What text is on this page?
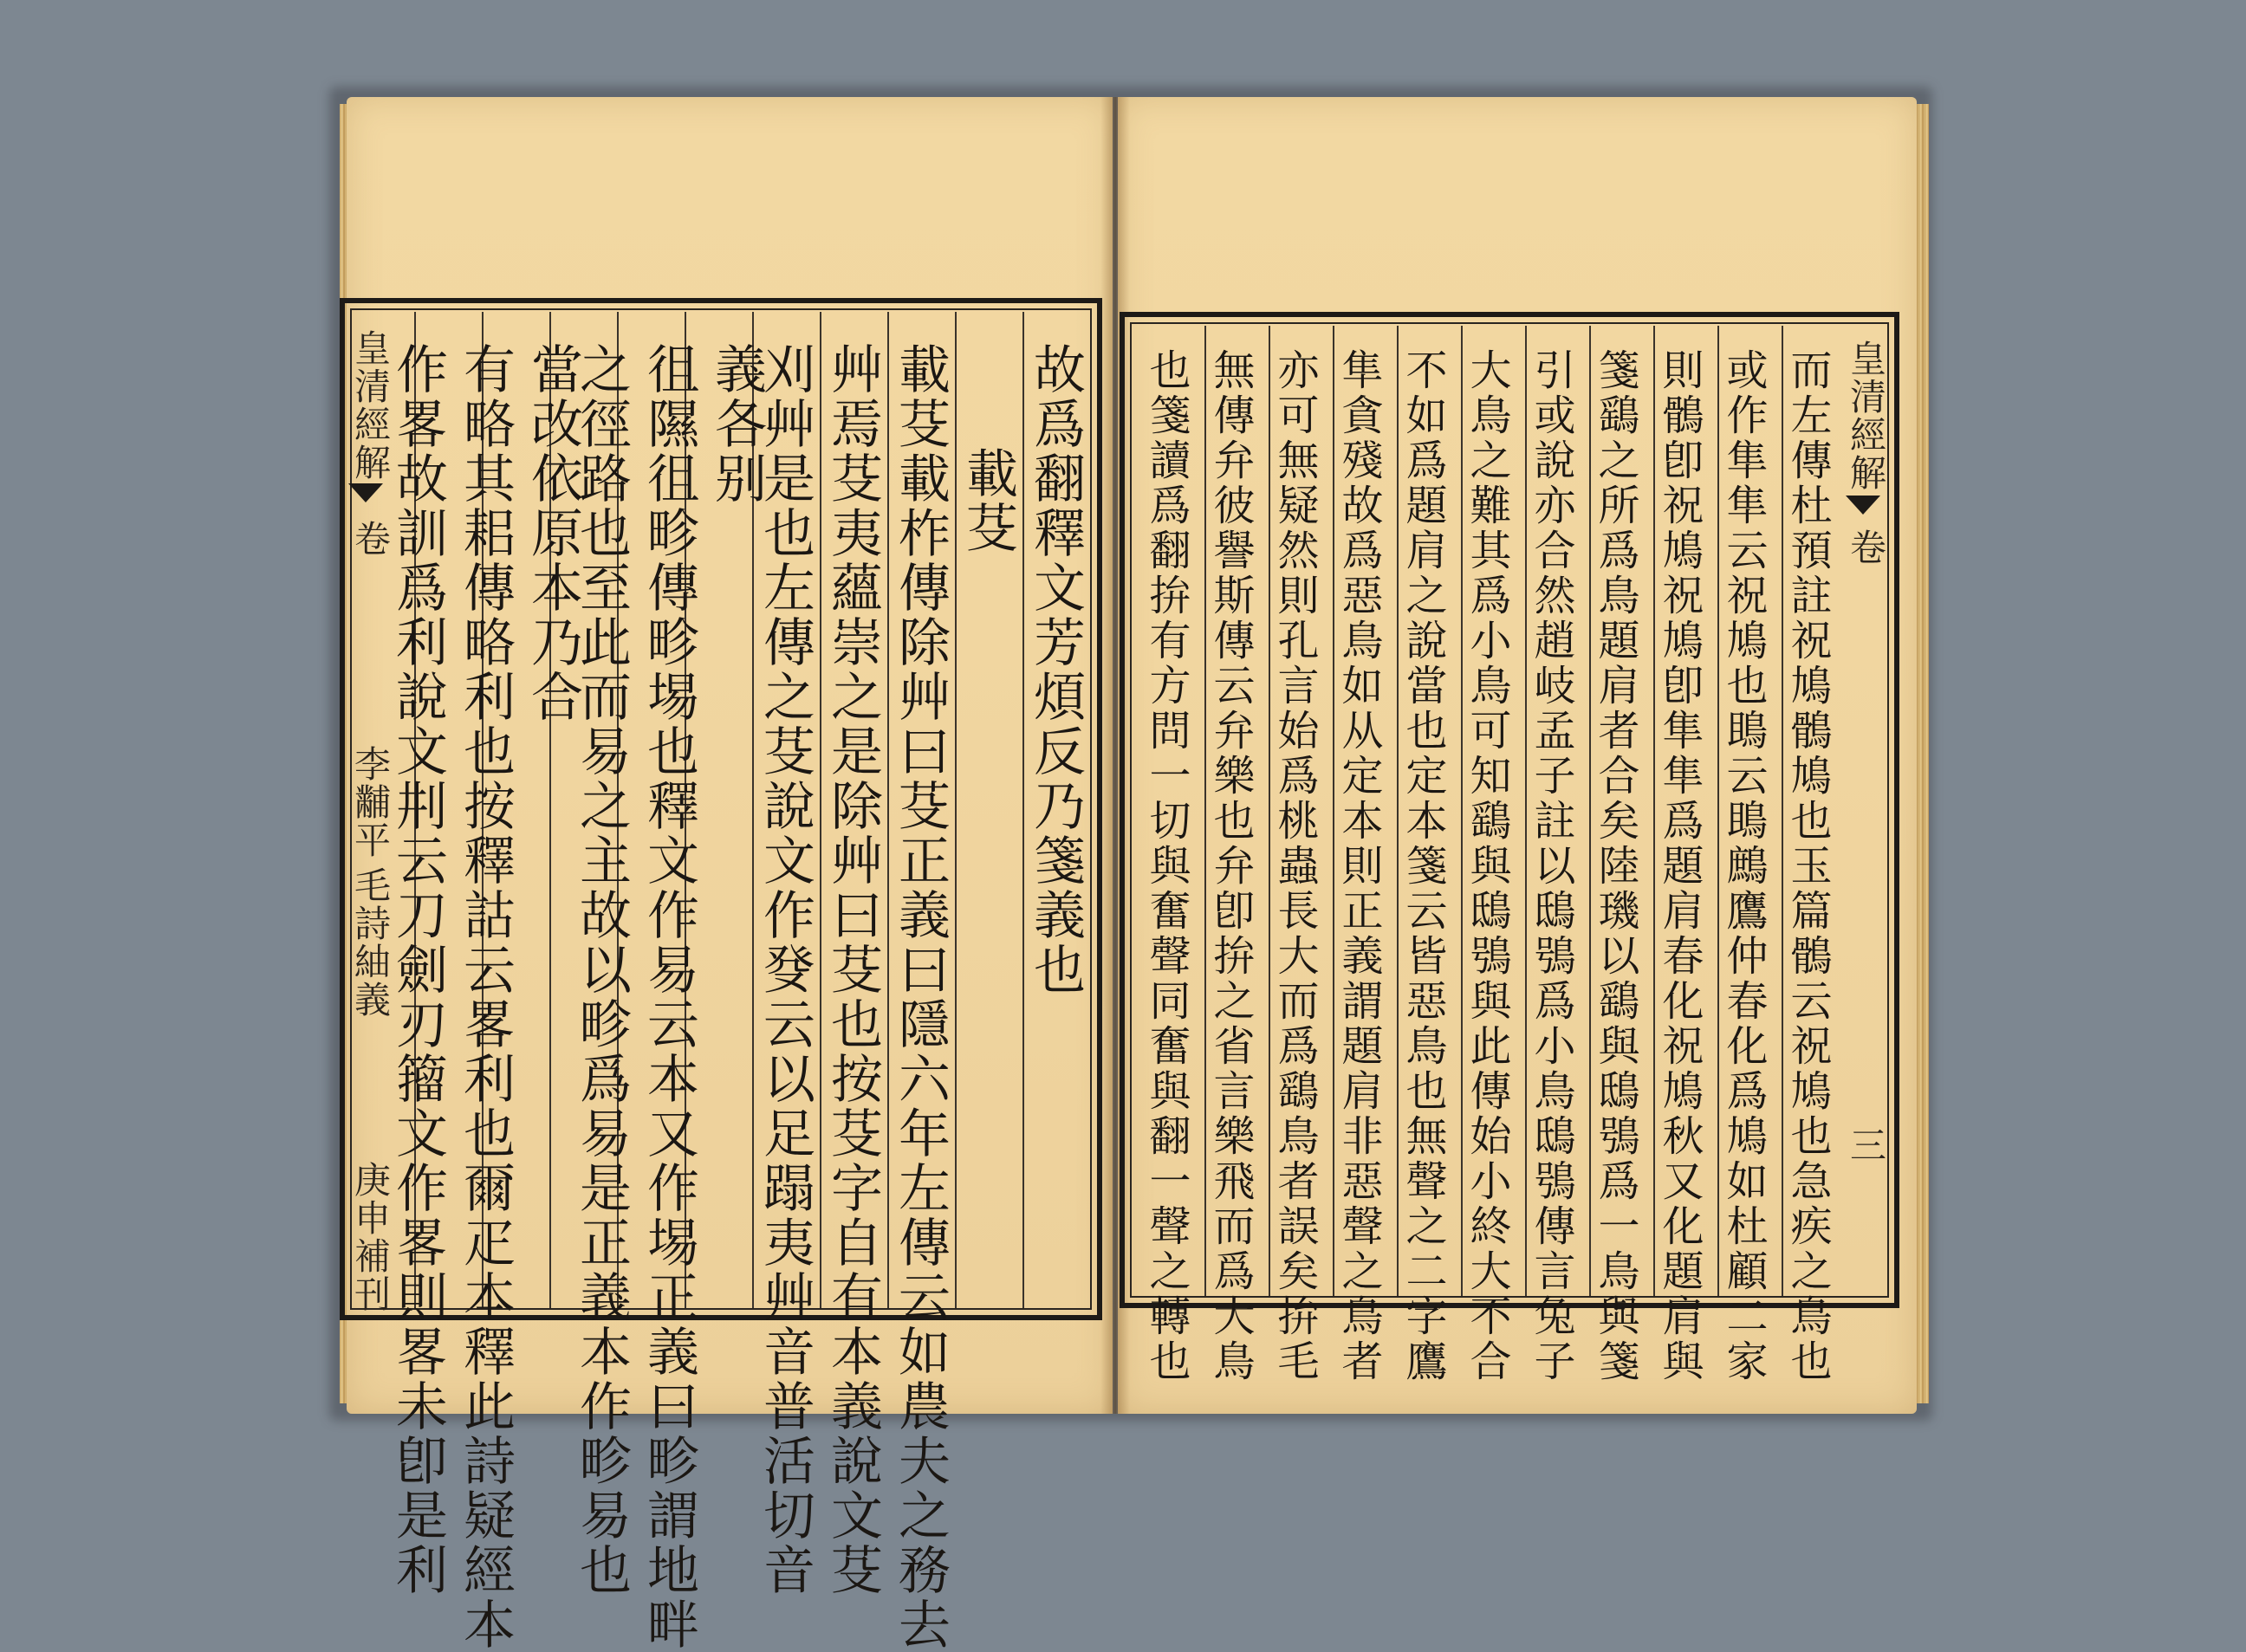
故爲翻釋文芳煩反乃箋義也
載芟
載芟載柞傳除艸曰芟正義曰隱六年左傳云如農夫之務去
艸焉芟夷蘊崇之是除艸曰芟也按芟字自有本義說文芟
刈艸是也左傳之芟說文作癹云以足蹋夷艸音普活切音
義各别
徂隰徂畛傳畛埸也釋文作易云本又作埸正義曰畛謂地畔
之徑路也至此而易之主故以畛爲易是正義本作畛易也
當改依原本乃合
有略其耜傳略利也按釋詁云畧利也爾疋本釋此詩疑經本
作畧故訓爲利說文㓝云刀劍刃籀文作畧則畧未卽是利
皇清經解
卷
李黼平
毛詩紬義
庚申補刊	而左傳杜預註祝鳩鶻鳩也玉篇鶻云祝鳩也急疾之鳥也
或作隼隼云祝鳩也鴡云鴡鷓鷹仲春化爲鳩如杜顧二家
則鶻卽祝鳩祝鳩卽隼隼爲題肩春化祝鳩秋又化題肩與
箋鷂之所爲鳥題肩者合矣陸璣以鷂與鴟鴞爲一鳥與箋
引或說亦合然趙岐孟子註以鴟鴞爲小鳥鴟鴞傳言兔子
大鳥之難其爲小鳥可知鷂與鴟鴞與此傳始小終大不合
不如爲題肩之說當也定本箋云皆惡鳥也無聲之二字鷹
隼貪殘故爲惡鳥如从定本則正義謂題肩非惡聲之鳥者
亦可無疑然則孔言始爲桃蟲長大而爲鷂鳥者誤矣拚毛
無傳弁彼譽斯傳云弁樂也弁卽拚之省言樂飛而爲大鳥
也箋讀爲翻拚有方問一切與奮聲同奮與翻一聲之轉也	皇清經解
卷
三
